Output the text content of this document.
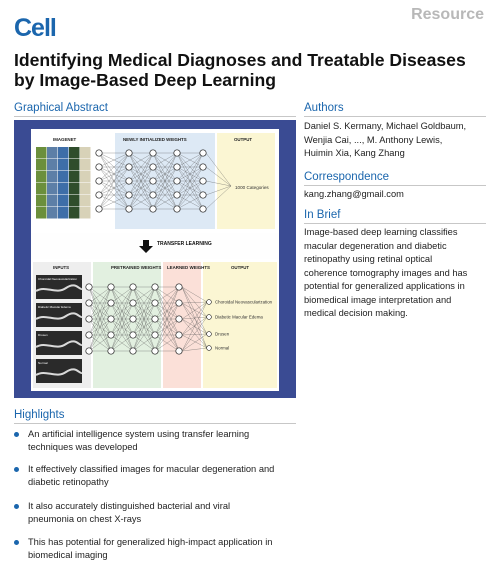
Cell	Resource
Identifying Medical Diagnoses and Treatable Diseases by Image-Based Deep Learning
Graphical Abstract
IMAGENET	NEWLY INITIALIZED WEIGHTS	OUTPUT
1000 Categories
TRANSFER LEARNING
INPUTS	PRETRAINED WEIGHTS LEARNED WEIGHTS	OUTPUT
Choroidal Neovascularization
Diabetic Macular Edema
Drusen
Normal
Choroidal Neovascularization
Diabetic Macular Edema
Drusen
Normal
Authors
Daniel S. Kermany, Michael Goldbaum,
Wenjia Cai, ..., M. Anthony Lewis,
Huimin Xia, Kang Zhang
Correspondence
kang.zhang@gmail.com
In Brief
Image-based deep learning classifies
macular degeneration and diabetic
retinopathy using retinal optical
coherence tomography images and has
potential for generalized applications in
biomedical image interpretation and
medical decision making.
Highlights
An artificial intelligence system using transfer learning
techniques was developed
It effectively classified images for macular degeneration and
diabetic retinopathy
It also accurately distinguished bacterial and viral
pneumonia on chest X-rays
This has potential for generalized high-impact application in
biomedical imaging
